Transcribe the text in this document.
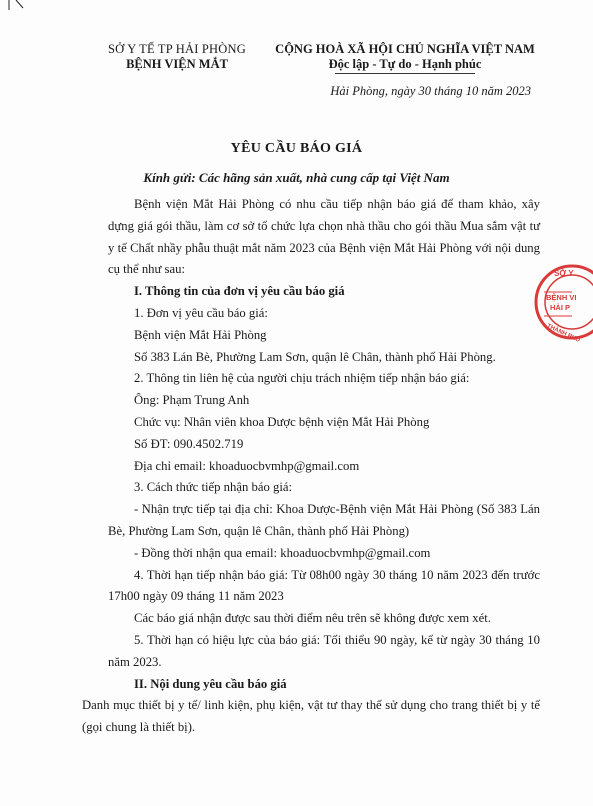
SỞ Y TẾ TP HẢI PHÒNG
BỆNH VIỆN MẮT
CỘNG HOÀ XÃ HỘI CHỦ NGHĨA VIỆT NAM
Độc lập - Tự do - Hạnh phúc
Hải Phòng, ngày 30 tháng 10 năm 2023
YÊU CẦU BÁO GIÁ
Kính gửi: Các hãng sản xuất, nhà cung cấp tại Việt Nam

Bệnh viện Mắt Hải Phòng có nhu cầu tiếp nhận báo giá để tham khảo, xây dựng giá gói thầu, làm cơ sở tổ chức lựa chọn nhà thầu cho gói thầu Mua sắm vật tư y tế Chất nhầy phẫu thuật mắt năm 2023 của Bệnh viện Mắt Hải Phòng với nội dung cụ thể như sau:

I. Thông tin của đơn vị yêu cầu báo giá

1. Đơn vị yêu cầu báo giá:

Bệnh viện Mắt Hải Phòng

Số 383 Lán Bè, Phường Lam Sơn, quận lê Chân, thành phố Hải Phòng.

2. Thông tin liên hệ của người chịu trách nhiệm tiếp nhận báo giá:

Ông: Phạm Trung Anh

Chức vụ: Nhân viên khoa Dược bệnh viện Mắt Hải Phòng

Số ĐT: 090.4502.719

Địa chỉ email: khoaduocbvmhp@gmail.com

3. Cách thức tiếp nhận báo giá:

- Nhận trực tiếp tại địa chỉ: Khoa Dược-Bệnh viện Mắt Hải Phòng (Số 383 Lán Bè, Phường Lam Sơn, quận lê Chân, thành phố Hải Phòng)

- Đồng thời nhận qua email: khoaduocbvmhp@gmail.com

4. Thời hạn tiếp nhận báo giá: Từ 08h00 ngày 30 tháng 10 năm 2023 đến trước 17h00 ngày 09 tháng 11 năm 2023

Các báo giá nhận được sau thời điểm nêu trên sẽ không được xem xét.

5. Thời hạn có hiệu lực của báo giá: Tối thiểu 90 ngày, kể từ ngày 30 tháng 10 năm 2023.

II. Nội dung yêu cầu báo giá

Danh mục thiết bị y tế/ linh kiện, phụ kiện, vật tư thay thế sử dụng cho trang thiết bị y tế (gọi chung là thiết bị).

SỞ Y
BỆNH VI
HẢI P
THÀNH PHỐ
